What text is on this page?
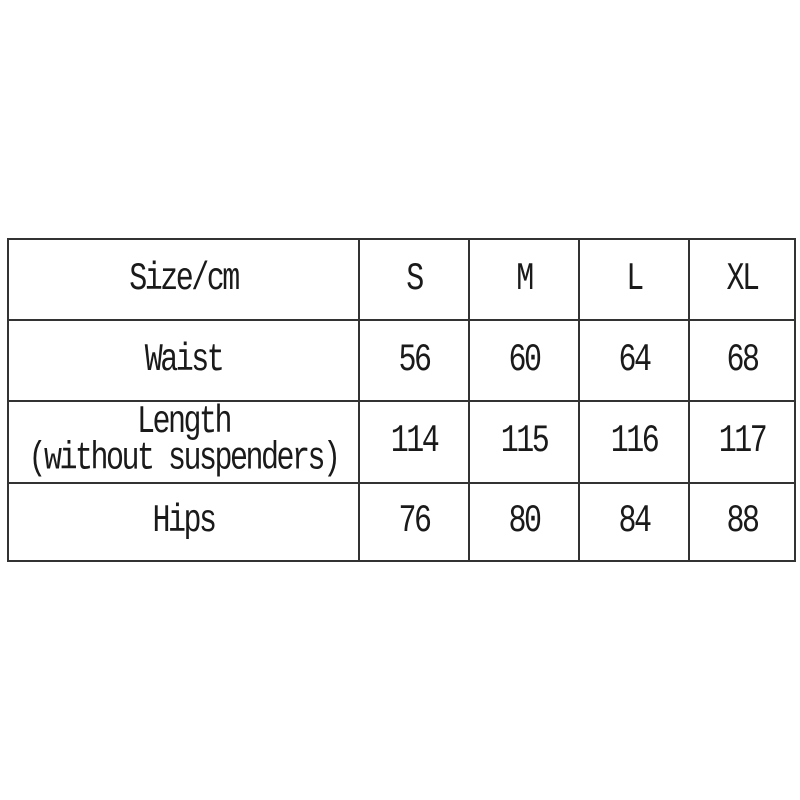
Size/cm	S	M	L	XL

Waist	56	60	64	68

Length
(without suspenders)	114	115	116	117

Hips	76	80	84	88
